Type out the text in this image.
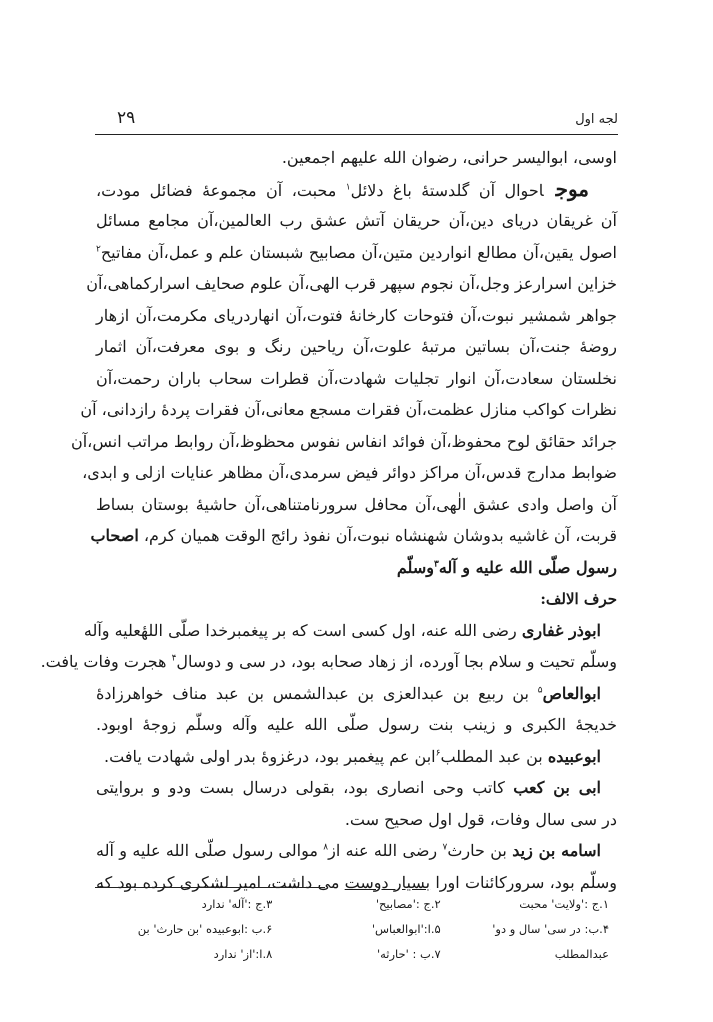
لجه اول
۲۹
اوسی، ابوالیسر حرانی، رضوان الله علیهم اجمعین.
موجاحوال آن گلدستهٔ باغ دلائل$^۱$ محبت، آن مجموعهٔ فضائل مودت،
آن غریقان دریای دین،آن حریقان آتش عشق رب العالمین،آن مجامع مسائل
اصول یقین،آن مطالع انواردین متین،آن مصابیح شبستان علم و عمل،آن مفاتیح$^۲$
خزاین اسرارعز وجل،آن نجوم سپهر قرب الهی،آن علوم صحایف اسرارکماهی،آن
جواهر شمشیر نبوت،آن فتوحات کارخانهٔ فتوت،آن انهاردریای مکرمت،آن ازهار
روضهٔ جنت،آن بساتین مرتبهٔ علوت،آن ریاحین رنگ و بوی معرفت،آن اثمار
نخلستان سعادت،آن انوار تجلیات شهادت،آن قطرات سحاب باران رحمت،آن
نظرات کواکب منازل عظمت،آن فقرات مسجع معانی،آن فقرات پردهٔ رازدانی، آن
جرائد حقائق لوح محفوظ،آن فوائد انفاس نفوس محظوظ،آن روابط مراتب انس،آن
ضوابط مدارج قدس،آن مراکز دوائر فیض سرمدی،آن مظاهر عنایات ازلی و ابدی،
آن واصل وادی عشق الٰهی،آن محافل سرورنامتناهی،آن حاشیهٔ بوستان بساط
قربت، آن غاشیه بدوشان شهنشاه نبوت،آن نفوذ رائج الوقت همیان کرم، اصحاب
رسول صلّی الله علیه و آله$^۳$وسلّم
حرف الالف:
ابوذر غفاری رضی الله عنه، اول کسی است که بر پیغمبرخدا صلّی اللهٔعلیه وآله
وسلّم تحیت و سلام بجا آورده، از زهاد صحابه بود، در سی و دوسال$^۴$ هجرت وفات یافت.
ابوالعاص$^۵$ بن ربیع بن عبدالعزی بن عبدالشمس بن عبد مناف خواهرزادهٔ
خدیجهٔ الکبری و زینب بنت رسول صلّی الله علیه وآله وسلّم زوجهٔ اوبود.
ابوعبیده بن عبد المطلب$^۶$ابن عم پیغمبر بود، درغزوهٔ بدر اولی شهادت یافت.
ابی بن کعب کاتب وحی انصاری بود، بقولی درسال بست ودو و بروایتی
در سی سال وفات، قول اول صحیح ست.
اسامه بن زید بن حارث$^۷$ رضی الله عنه از$^۸$ موالی رسول صلّی الله علیه و آله
وسلّم بود، سرورکائنات اورا بسیار دوست می داشت، امیر لشکری کرده بود که
۱.ج :'ولایت' محبت
۲.ج :'مصابیح'
۳.ج :'آله' ندارد
۴.ب: در سی' سال و دو'
۵.ا:'ابوالعباس'
۶.ب :ابوعبیده 'بن حارث' بن
عبدالمطلب
۷.ب : 'حارثه'
۸.ا:'از' ندارد
